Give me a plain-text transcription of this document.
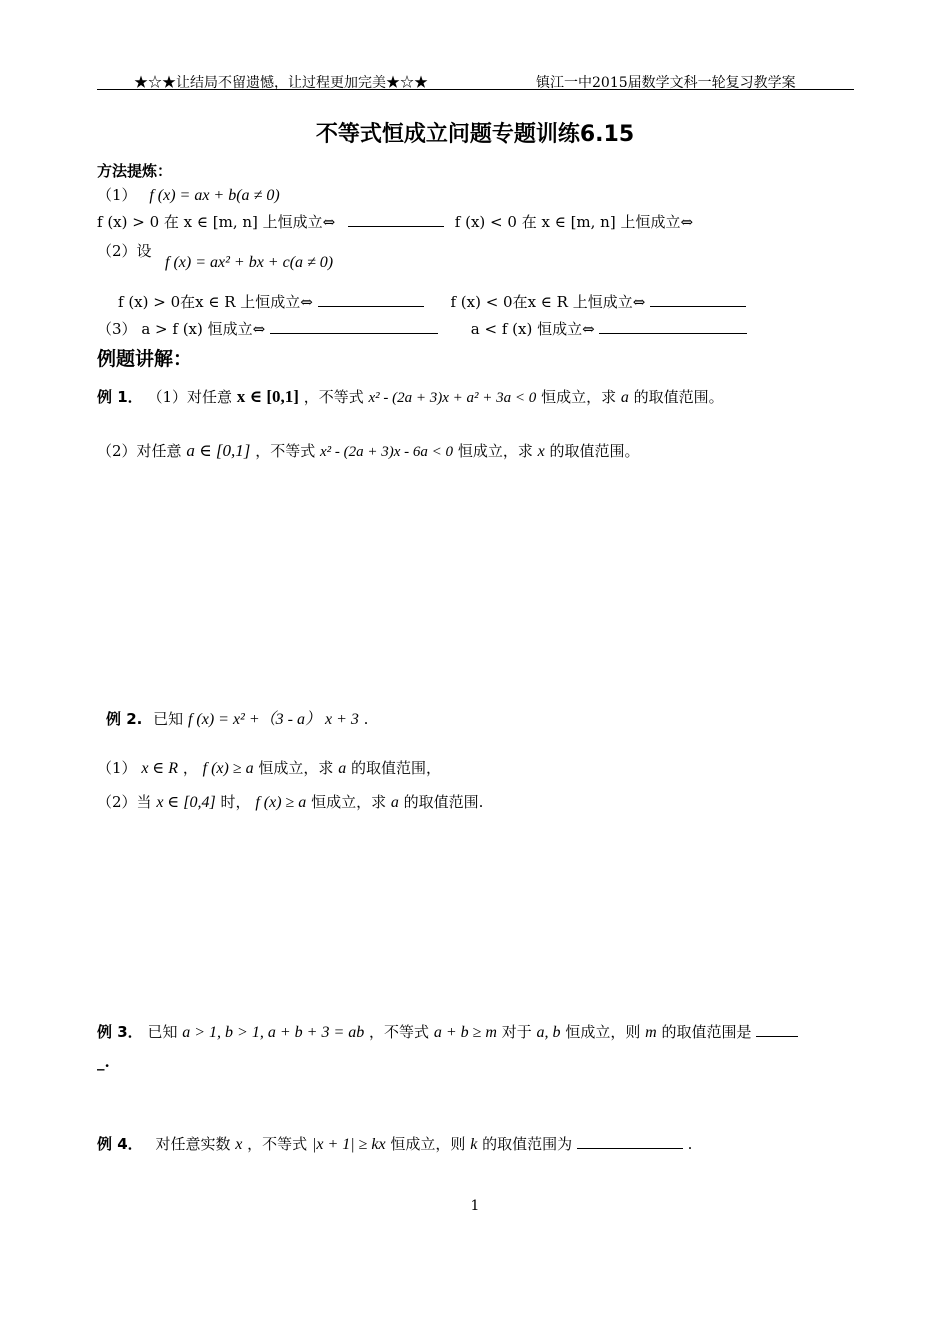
★☆★让结局不留遗憾，让过程更加完美★☆★	镇江一中2015届数学文科一轮复习教学案
不等式恒成立问题专题训练6.15
方法提炼：
（1） f (x) = ax + b(a ≠ 0)
f (x) > 0 在 x ∈ [m, n] 上恒成立⇔	f (x) < 0 在 x ∈ [m, n] 上恒成立⇔
（2）设
f (x) = ax² + bx + c(a ≠ 0)
f (x) > 0在x ∈ R 上恒成立⇔	f (x) < 0在x ∈ R 上恒成立⇔
（3） a > f (x) 恒成立⇔	a < f (x) 恒成立⇔
例题讲解：
例 1． （1）对任意 x ∈ [0,1] ，不等式 x² - (2a + 3)x + a² + 3a < 0 恒成立，求 a 的取值范围。
（2）对任意 a ∈ [0,1] ，不等式 x² - (2a + 3)x - 6a < 0 恒成立，求 x 的取值范围。
例 2. 已知 f (x) = x² +（3 - a） x + 3 .
（1） x ∈ R ， f (x) ≥ a 恒成立，求 a 的取值范围，
（2）当 x ∈ [0,4] 时， f (x) ≥ a 恒成立，求 a 的取值范围.
例 3． 已知 a > 1, b > 1, a + b + 3 = ab ，不等式 a + b ≥ m 对于 a, b 恒成立，则 m 的取值范围是
_.
例 4． 对任意实数 x ，不等式 |x + 1| ≥ kx 恒成立，则 k 的取值范围为	.
1
